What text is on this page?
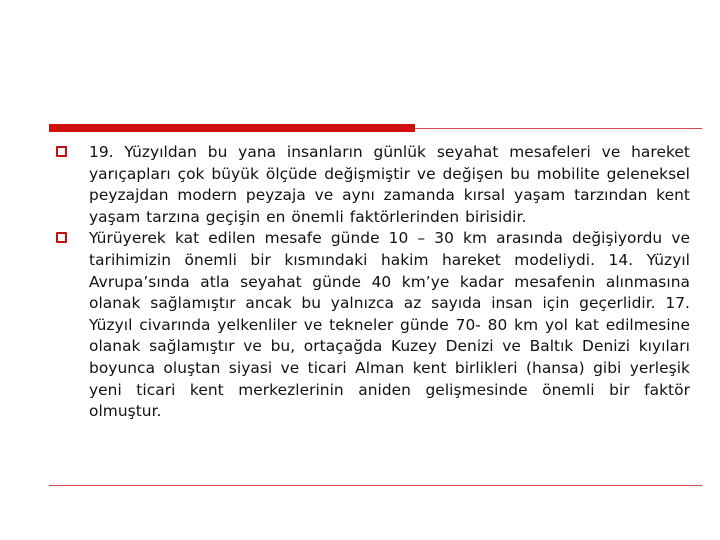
19. Yüzyıldan bu yana insanların günlük seyahat mesafeleri ve hareket yarıçapları çok büyük ölçüde değişmiştir ve değişen bu mobilite geleneksel peyzajdan modern peyzaja ve aynı zamanda kırsal yaşam tarzından kent yaşam tarzına geçişin en önemli faktörlerinden birisidir.

Yürüyerek kat edilen mesafe günde 10 – 30 km arasında değişiyordu ve tarihimizin önemli bir kısmındaki hakim hareket modeliydi. 14. Yüzyıl Avrupa’sında atla seyahat günde 40 km’ye kadar mesafenin alınmasına olanak sağlamıştır ancak bu yalnızca az sayıda insan için geçerlidir. 17. Yüzyıl civarında yelkenliler ve tekneler günde 70- 80 km yol kat edilmesine olanak sağlamıştır ve bu, ortaçağda Kuzey Denizi ve Baltık Denizi kıyıları boyunca oluştan siyasi ve ticari Alman kent birlikleri (hansa) gibi yerleşik yeni ticari kent merkezlerinin aniden gelişmesinde önemli bir faktör olmuştur.
